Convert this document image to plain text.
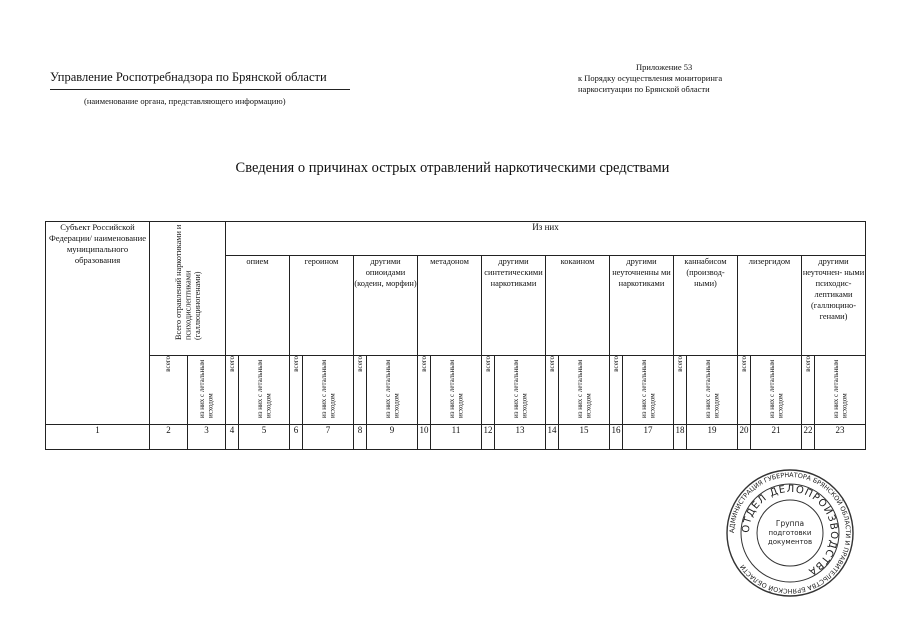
Управление Роспотребнадзора по Брянской области
(наименование органа, представляющего информацию)
Приложение 53
к Порядку осуществления мониторинга
наркоситуации по Брянской области
Сведения о причинах острых отравлений наркотическими средствами
Субъект Российской Федерации/ наименование муниципального образования	Всего отравлений наркотиками и психодислептиками (галлюциногенами)		Из них																			
			опием		героином		другими опиоидами (кодеин, морфин)		метадоном		другими синтетическими наркотиками		кокаином		другими неуточненны ми наркотиками		каннабисом (производ- ными)		лизергидом		другими неуточнен- ными психодис- лептиками (галлюцино- генами)	
	всего	из них с летальным исходом	всего	из них с летальным исходом	всего	из них с летальным исходом	всего	из них с летальным исходом	всего	из них с летальным исходом	всего	из них с летальным исходом	всего	из них с летальным исходом	всего	из них с летальным исходом	всего	из них с летальным исходом	всего	из них с летальным исходом	всего	из них с летальным исходом
1	2	3	4	5	6	7	8	9	10	11	12	13	14	15	16	17	18	19	20	21	22	23
АДМИНИСТРАЦИЯ ГУБЕРНАТОРА БРЯНСКОЙ ОБЛАСТИ И ПРАВИТЕЛЬСТВА БРЯНСКОЙ ОБЛАСТИ
ОТДЕЛ ДЕЛОПРОИЗВОДСТВА
Группа
подготовки
документов
